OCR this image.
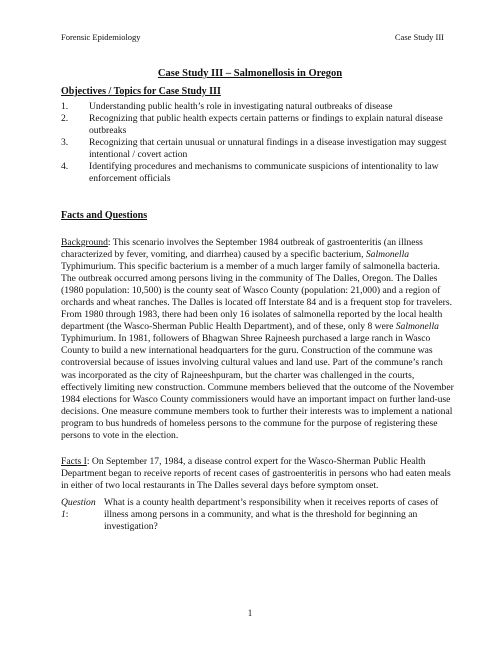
Forensic Epidemiology	Case Study III
Case Study III – Salmonellosis in Oregon
Objectives / Topics for Case Study III
1.	Understanding public health’s role in investigating natural outbreaks of disease
2.	Recognizing that public health expects certain patterns or findings to explain natural disease outbreaks
3.	Recognizing that certain unusual or unnatural findings in a disease investigation may suggest intentional / covert action
4.	Identifying procedures and mechanisms to communicate suspicions of intentionality to law enforcement officials
Facts and Questions
Background: This scenario involves the September 1984 outbreak of gastroenteritis (an illness characterized by fever, vomiting, and diarrhea) caused by a specific bacterium, Salmonella Typhimurium. This specific bacterium is a member of a much larger family of salmonella bacteria. The outbreak occurred among persons living in the community of The Dalles, Oregon. The Dalles (1980 population: 10,500) is the county seat of Wasco County (population: 21,000) and a region of orchards and wheat ranches. The Dalles is located off Interstate 84 and is a frequent stop for travelers. From 1980 through 1983, there had been only 16 isolates of salmonella reported by the local health department (the Wasco-Sherman Public Health Department), and of these, only 8 were Salmonella Typhimurium. In 1981, followers of Bhagwan Shree Rajneesh purchased a large ranch in Wasco County to build a new international headquarters for the guru. Construction of the commune was controversial because of issues involving cultural values and land use. Part of the commune’s ranch was incorporated as the city of Rajneeshpuram, but the charter was challenged in the courts, effectively limiting new construction. Commune members believed that the outcome of the November 1984 elections for Wasco County commissioners would have an important impact on further land-use decisions. One measure commune members took to further their interests was to implement a national program to bus hundreds of homeless persons to the commune for the purpose of registering these persons to vote in the election.
Facts I: On September 17, 1984, a disease control expert for the Wasco-Sherman Public Health Department began to receive reports of recent cases of gastroenteritis in persons who had eaten meals in either of two local restaurants in The Dalles several days before symptom onset.
Question 1:
What is a county health department’s responsibility when it receives reports of cases of illness among persons in a community, and what is the threshold for beginning an investigation?
1
